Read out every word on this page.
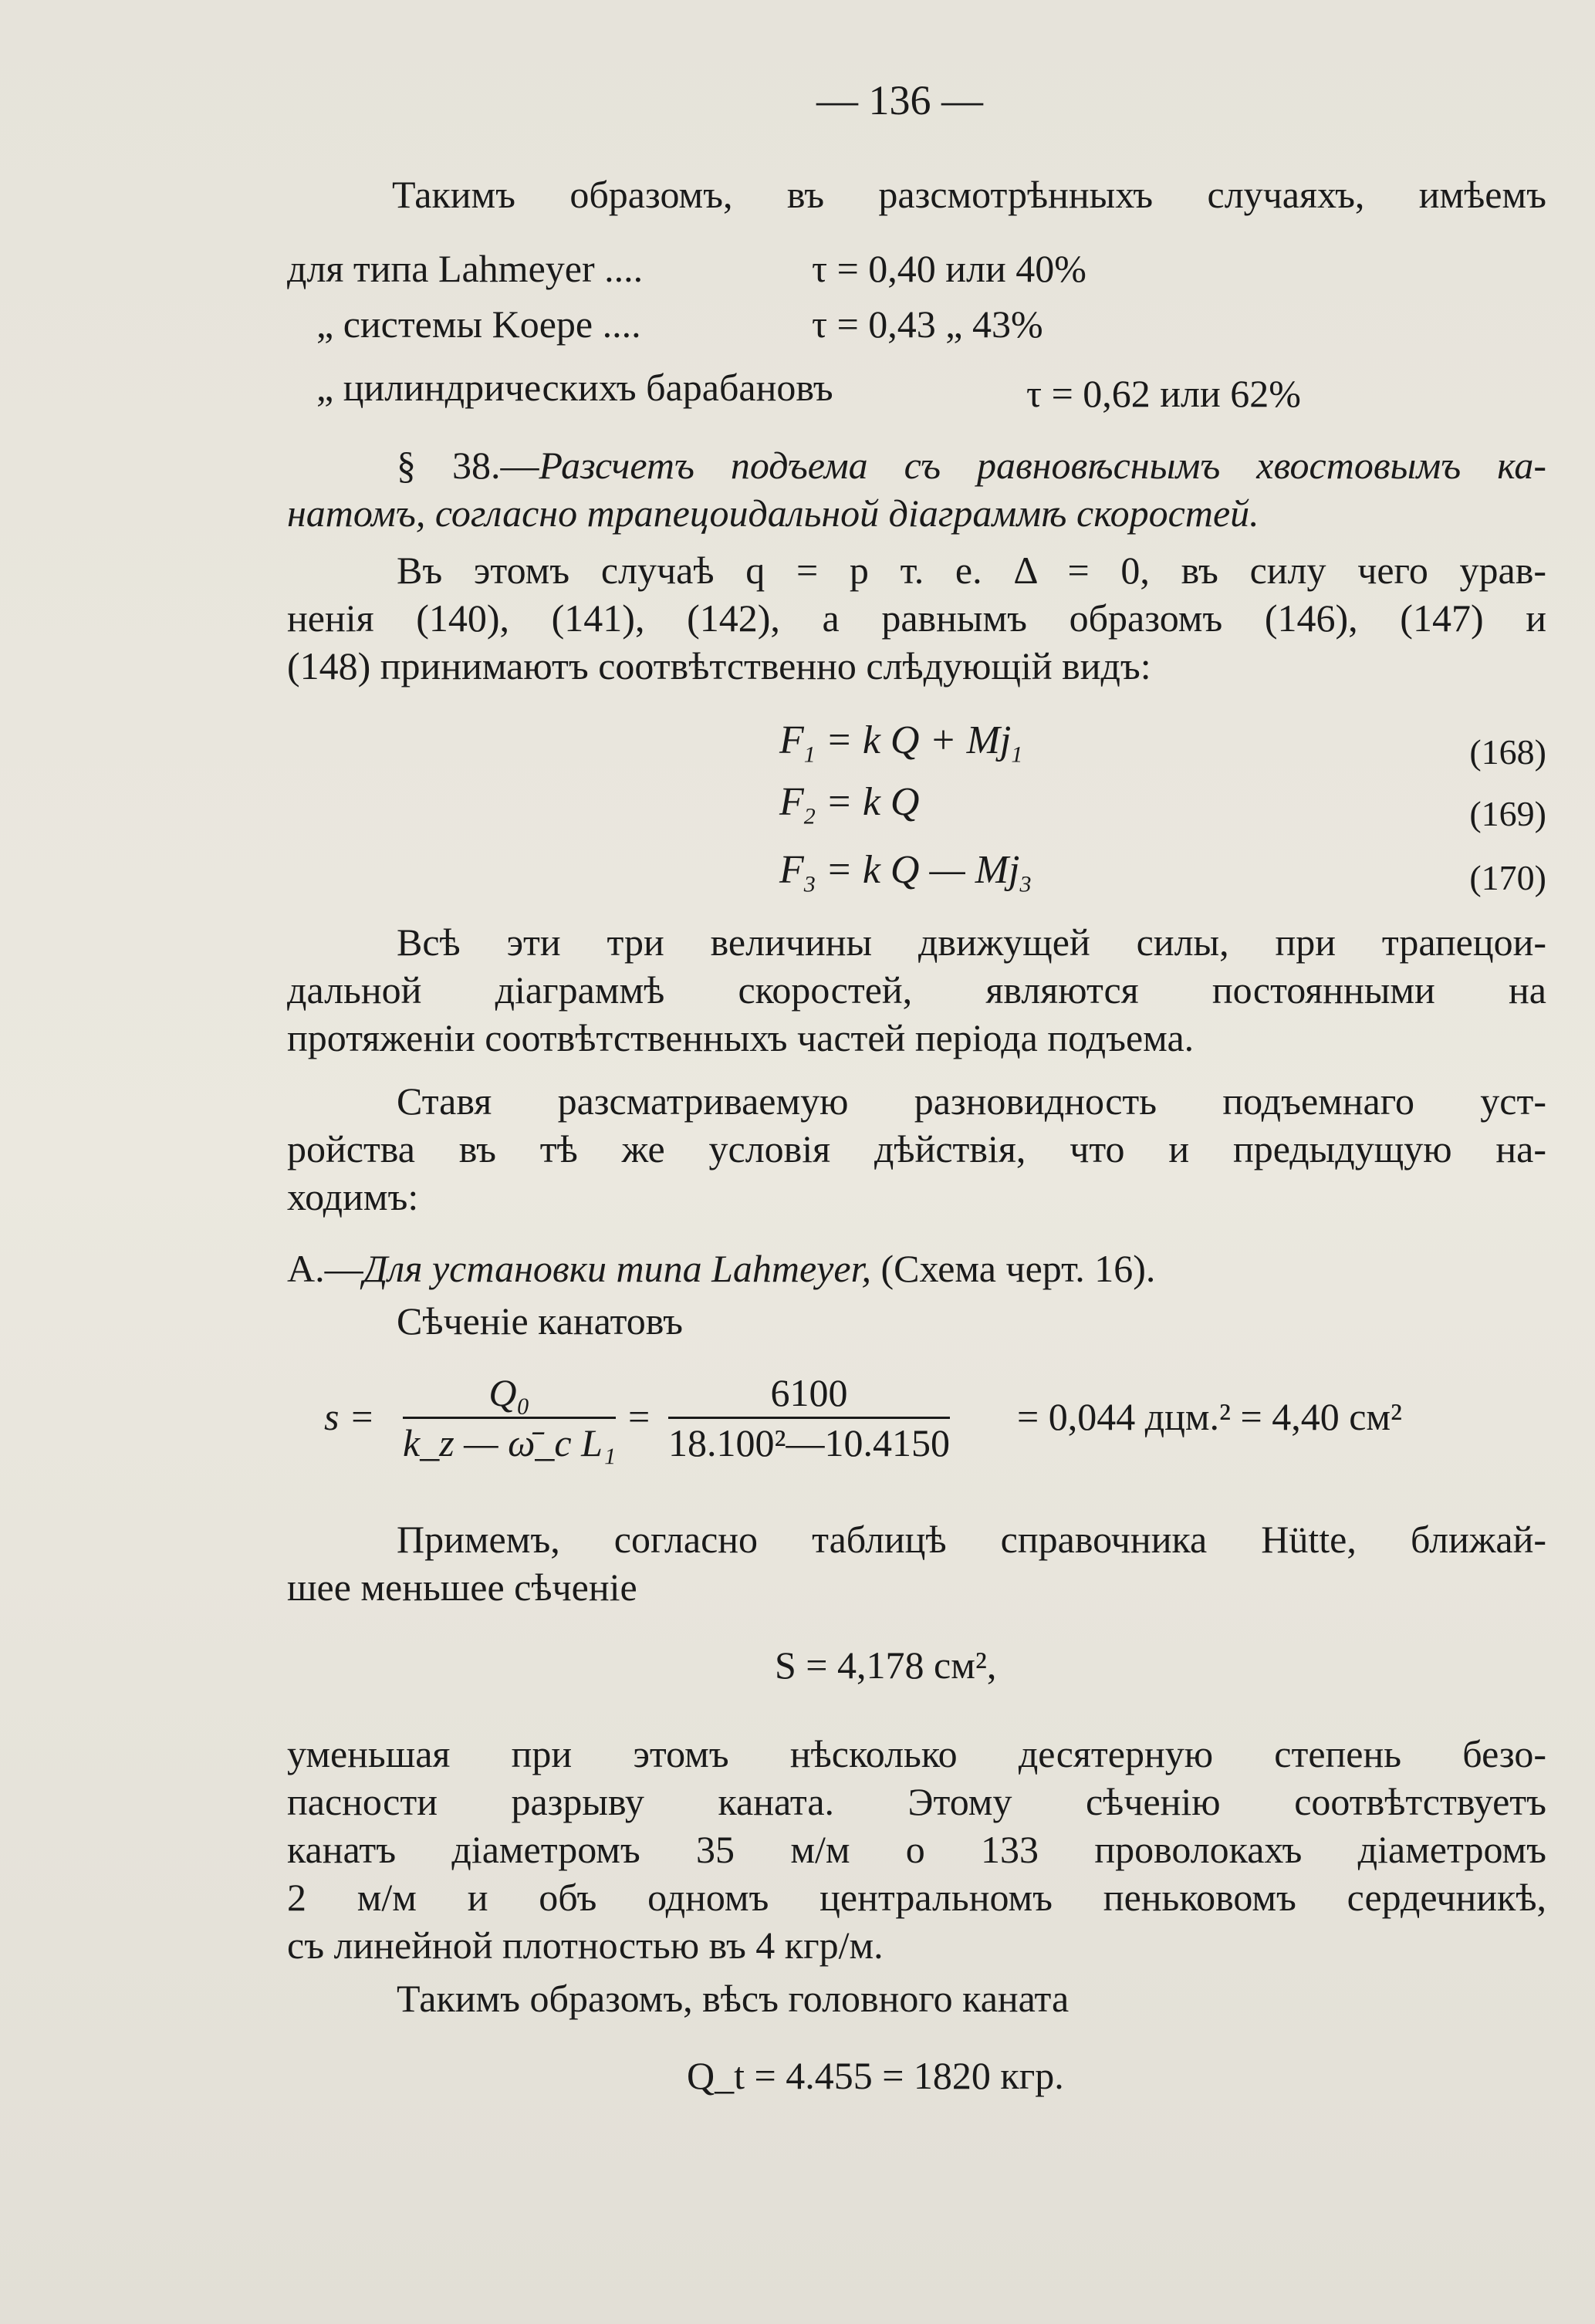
— 136 —
Такимъ образомъ, въ разсмотрѣнныхъ случаяхъ, имѣемъ
для типа Lahmeyer ....	τ = 0,40 или 40%
„ системы Koepe ....	τ = 0,43 „ 43%
„ цилиндрическихъ барабановъ	τ = 0,62 или 62%
§ 38.—Разсчетъ подъема съ равновѣснымъ хвостовымъ ка-
натомъ, согласно трапецоидальной діаграммѣ скоростей.
Въ этомъ случаѣ q = p т. е. Δ = 0, въ силу чего урав-
ненія (140), (141), (142), а равнымъ образомъ (146), (147) и
(148) принимаютъ соотвѣтственно слѣдующій видъ:
$F_1 = k$ $Q + Mj_1$	(168)
$F_2 = k$ Q	(169)
$F_3 = k$ Q — $Mj_3$	(170)
Всѣ эти три величины движущей силы, при трапецои-
дальной діаграммѣ скоростей, являются постоянными на
протяженіи соотвѣтственныхъ частей періода подъема.
Ставя разсматриваемую разновидность подъемнаго уст-
ройства въ тѣ же условія дѣйствія, что и предыдущую на-
ходимъ:
А.—Для установки типа Lahmeyer, (Схема черт. 16).
Сѣченіе канатовъ
$s = \frac{\text{Q₀}}{\text{k\_z — ω̄\_c L₁}} = \frac{6100}{\text{18.100²—10.4150}} = 0,044$ дцм.² = 4,40 см²
Примемъ, согласно таблицѣ справочника Hütte, ближай-
шее меньшее сѣченіе
S = 4,178 см²,
уменьшая при этомъ нѣсколько десятерную степень безо-
пасности разрыву каната. Этому сѣченію соотвѣтствуетъ
канатъ діаметромъ 35 м/м о 133 проволокахъ діаметромъ
2 м/м и объ одномъ центральномъ пеньковомъ сердечникѣ,
съ линейной плотностью въ 4 кгр/м.
Такимъ образомъ, вѣсъ головного каната
Q_t = 4.455 = 1820 кгр.
